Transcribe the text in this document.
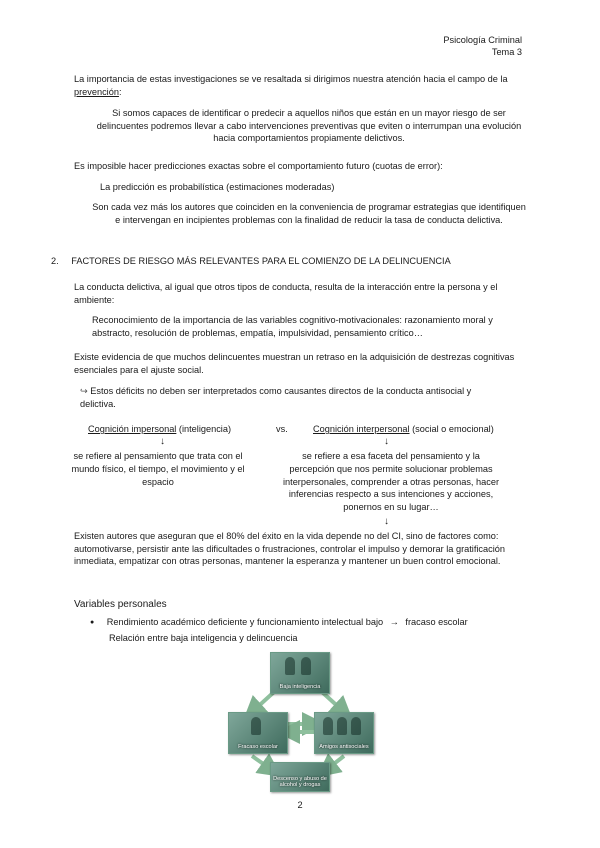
Psicología Criminal
Tema 3
La importancia de estas investigaciones se ve resaltada si dirigimos nuestra atención hacia el campo de la prevención:
Si somos capaces de identificar o predecir a aquellos niños que están en un mayor riesgo de ser delincuentes podremos llevar a cabo intervenciones preventivas que eviten o interrumpan una evolución hacia comportamientos propiamente delictivos.
Es imposible hacer predicciones exactas sobre el comportamiento futuro (cuotas de error):
La predicción es probabilística (estimaciones moderadas)
Son cada vez más los autores que coinciden en la conveniencia de programar estrategias que identifiquen e intervengan en incipientes problemas con la finalidad de reducir la tasa de conducta delictiva.
2. FACTORES DE RIESGO MÁS RELEVANTES PARA EL COMIENZO DE LA DELINCUENCIA
La conducta delictiva, al igual que otros tipos de conducta, resulta de la interacción entre la persona y el ambiente:
Reconocimiento de la importancia de las variables cognitivo-motivacionales: razonamiento moral y abstracto, resolución de problemas, empatía, impulsividad, pensamiento crítico…
Existe evidencia de que muchos delincuentes muestran un retraso en la adquisición de destrezas cognitivas esenciales para el ajuste social.
↪ Estos déficits no deben ser interpretados como causantes directos de la conducta antisocial y delictiva.
Cognición impersonal (inteligencia)	vs.	Cognición interpersonal (social o emocional)
↓	↓
se refiere al pensamiento que trata con el mundo físico, el tiempo, el movimiento y el espacio
se refiere a esa faceta del pensamiento y la percepción que nos permite solucionar problemas interpersonales, comprender a otras personas, hacer inferencias respecto a sus intenciones y acciones, ponernos en su lugar…
↓
Existen autores que aseguran que el 80% del éxito en la vida depende no del CI, sino de factores como: automotivarse, persistir ante las dificultades o frustraciones, controlar el impulso y demorar la gratificación inmediata, empatizar con otras personas, mantener la esperanza y mantener un buen control emocional.
Variables personales
● Rendimiento académico deficiente y funcionamiento intelectual bajo → fracaso escolar
Relación entre baja inteligencia y delincuencia
Baja inteligencia
Fracaso escolar	Amigos antisociales
Descenso y abuso de alcohol y drogas
2
